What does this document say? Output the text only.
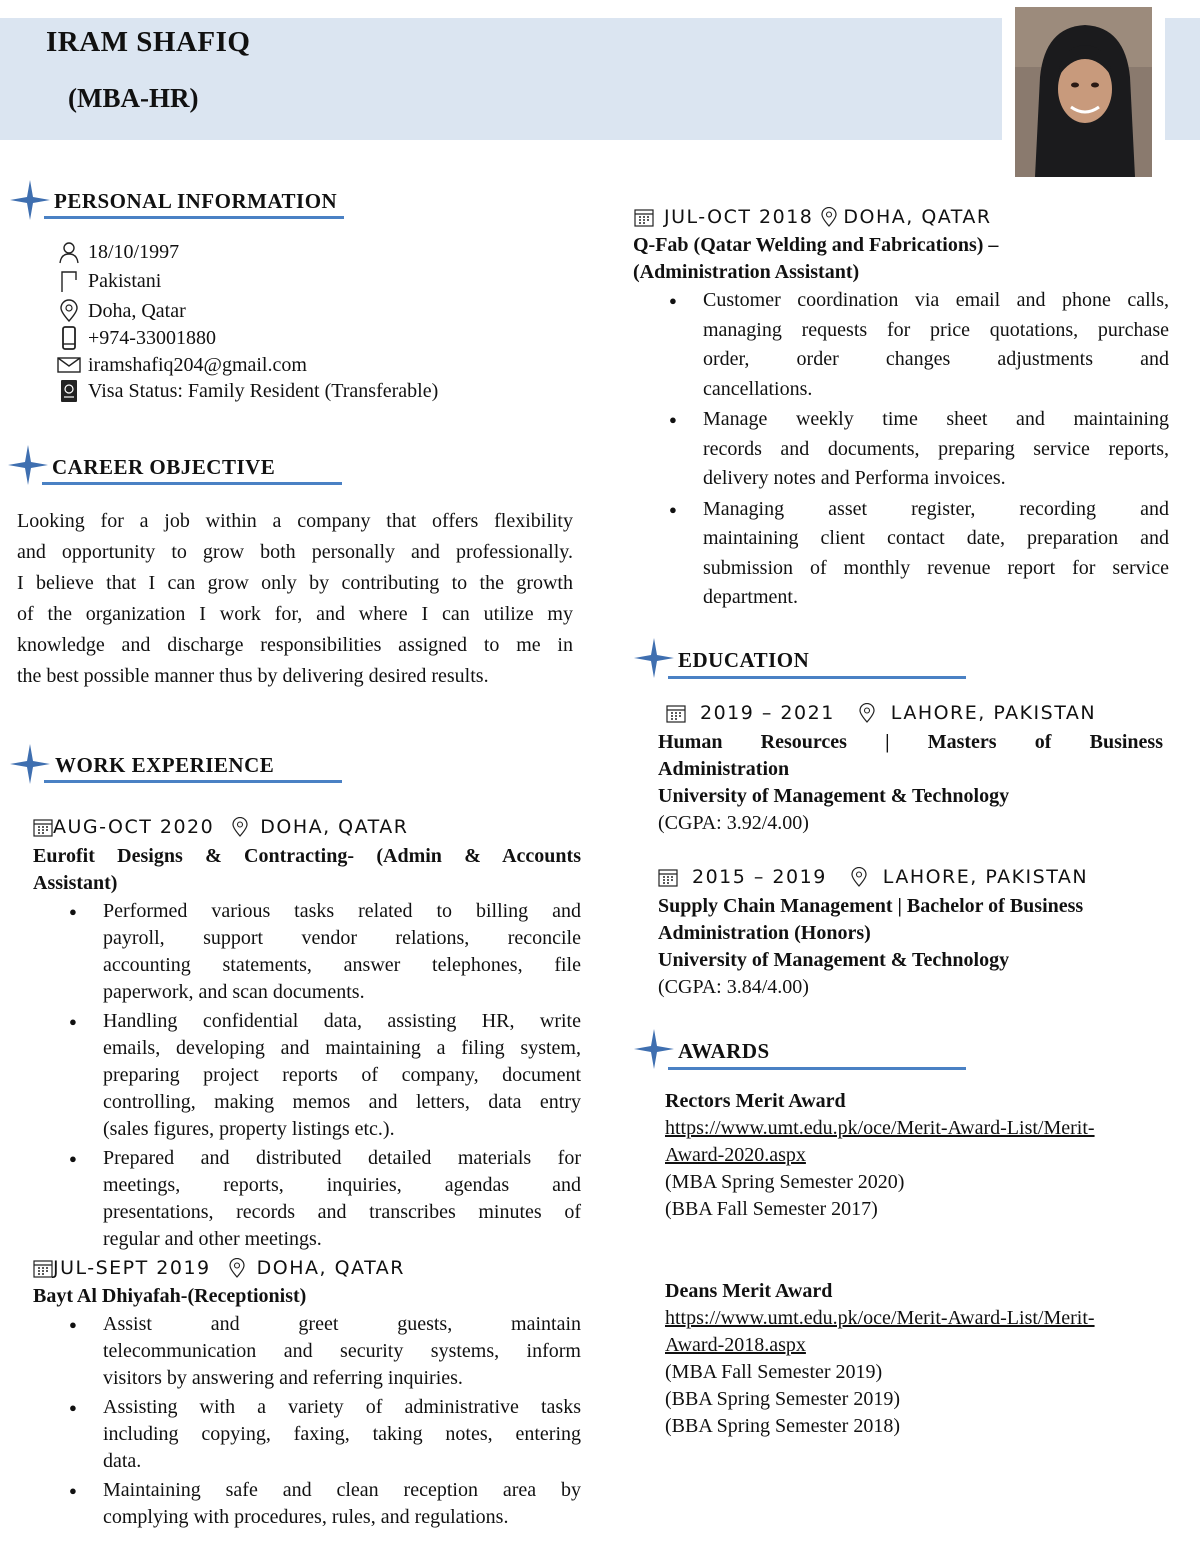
IRAM SHAFIQ
(MBA-HR)
PERSONAL INFORMATION
18/10/1997
Pakistani
Doha, Qatar
+974-33001880
iramshafiq204@gmail.com
Visa Status: Family Resident (Transferable)
CAREER OBJECTIVE
Looking for a job within a company that offers flexibility
and opportunity to grow both personally and professionally.
I believe that I can grow only by contributing to the growth
of the organization I work for, and where I can utilize my
knowledge and discharge responsibilities assigned to me in
the best possible manner thus by delivering desired results.
WORK EXPERIENCE
AUG-OCT 2020 DOHA, QATAR
Eurofit Designs & Contracting- (Admin & Accounts
Assistant)
● Performed various tasks related to billing and
payroll, support vendor relations, reconcile
accounting statements, answer telephones, file
paperwork, and scan documents.
● Handling confidential data, assisting HR, write
emails, developing and maintaining a filing system,
preparing project reports of company, document
controlling, making memos and letters, data entry
(sales figures, property listings etc.).
● Prepared and distributed detailed materials for
meetings, reports, inquiries, agendas and
presentations, records and transcribes minutes of
regular and other meetings.
JUL-SEPT 2019 DOHA, QATAR
Bayt Al Dhiyafah-(Receptionist)
● Assist and greet guests, maintain
telecommunication and security systems, inform
visitors by answering and referring inquiries.
● Assisting with a variety of administrative tasks
including copying, faxing, taking notes, entering
data.
● Maintaining safe and clean reception area by
complying with procedures, rules, and regulations.
JUL-OCT 2018 DOHA, QATAR
Q-Fab (Qatar Welding and Fabrications) –
(Administration Assistant)
● Customer coordination via email and phone calls,
managing requests for price quotations, purchase
order, order changes adjustments and
cancellations.
● Manage weekly time sheet and maintaining
records and documents, preparing service reports,
delivery notes and Performa invoices.
● Managing asset register, recording and
maintaining client contact date, preparation and
submission of monthly revenue report for service
department.
EDUCATION
2019 – 2021	LAHORE, PAKISTAN
Human Resources | Masters of Business
Administration
University of Management & Technology
(CGPA: 3.92/4.00)
2015 – 2019	LAHORE, PAKISTAN
Supply Chain Management | Bachelor of Business
Administration (Honors)
University of Management & Technology
(CGPA: 3.84/4.00)
AWARDS
Rectors Merit Award
https://www.umt.edu.pk/oce/Merit-Award-List/Merit-
Award-2020.aspx
(MBA Spring Semester 2020)
(BBA Fall Semester 2017)
Deans Merit Award
https://www.umt.edu.pk/oce/Merit-Award-List/Merit-
Award-2018.aspx
(MBA Fall Semester 2019)
(BBA Spring Semester 2019)
(BBA Spring Semester 2018)
